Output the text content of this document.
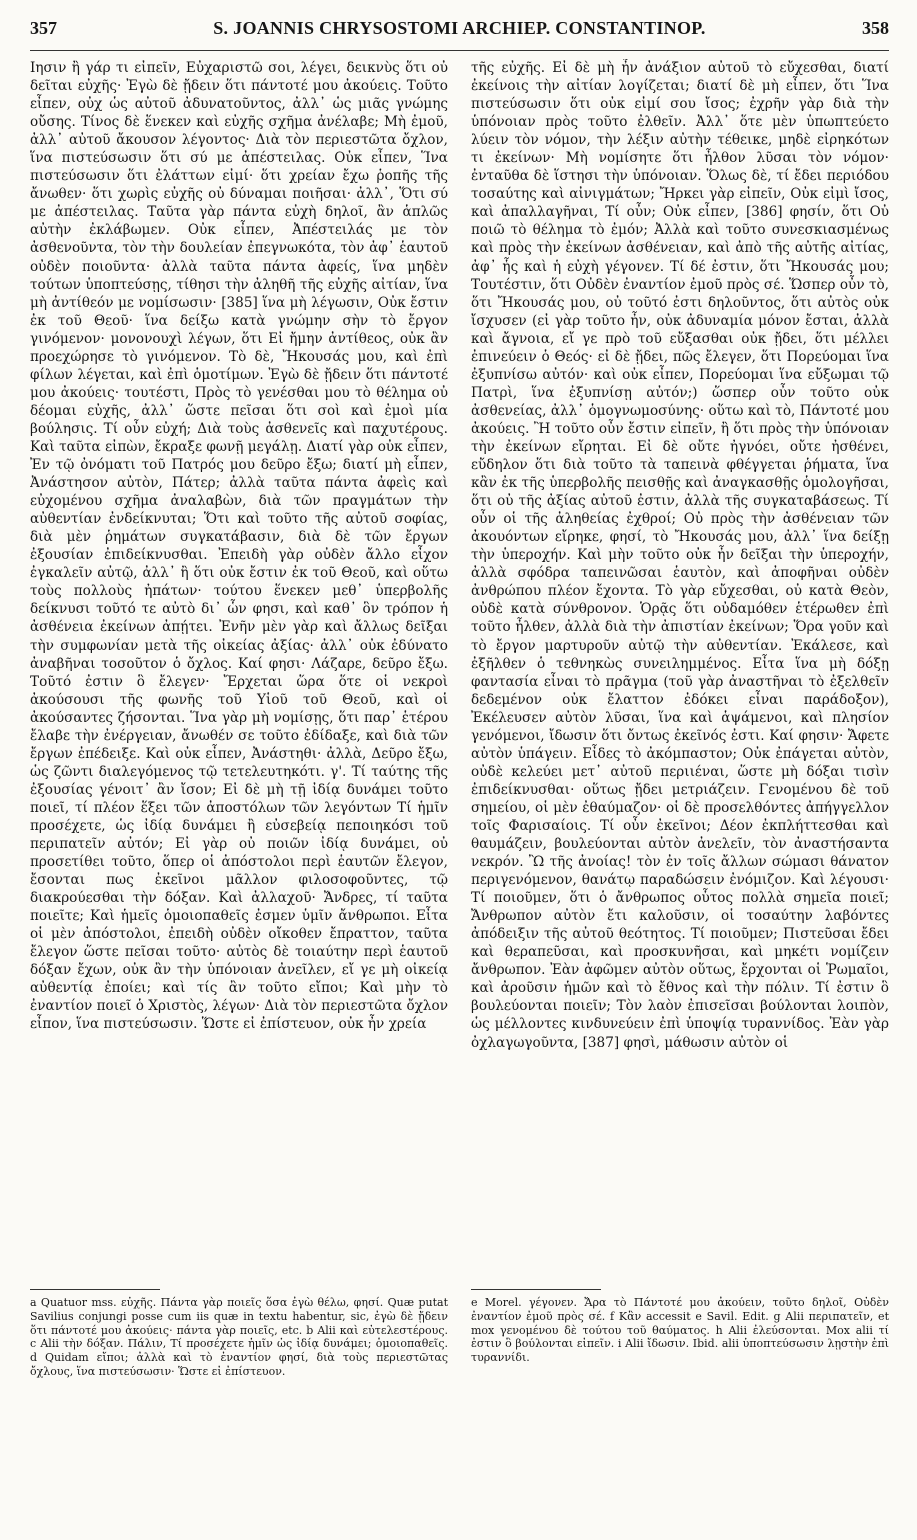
357	S. JOANNIS CHRYSOSTOMI ARCHIEP. CONSTANTINOP.	358

Ιησιν ἢ γάρ τι εἰπεῖν, Εὐχαριστῶ σοι, λέγει, δεικνὺς ὅτι οὐ δεῖται εὐχῆς· Ἐγὼ δὲ ᾔδειν ὅτι πάντοτέ μου ἀκούεις. Τοῦτο εἶπεν, οὐχ ὡς αὐτοῦ ἀδυνατοῦντος, ἀλλ᾽ ὡς μιᾶς γνώμης οὔσης. Τίνος δὲ ἕνεκεν καὶ εὐχῆς σχῆμα ἀνέλαβε; Μὴ ἐμοῦ, ἀλλ᾽ αὐτοῦ ἄκουσον λέγοντος· Διὰ τὸν περιεστῶτα ὄχλον, ἵνα πιστεύσωσιν ὅτι σύ με ἀπέστειλας. Οὐκ εἶπεν, Ἵνα πιστεύσωσιν ὅτι ἐλάττων εἰμί· ὅτι χρείαν ἔχω ῥοπῆς τῆς ἄνωθεν· ὅτι χωρὶς εὐχῆς οὐ δύναμαι ποιῆσαι· ἀλλ᾽, Ὅτι σύ με ἀπέστειλας. Ταῦτα γὰρ πάντα εὐχὴ δηλοῖ, ἂν ἁπλῶς αὐτὴν ἐκλάβωμεν. Οὐκ εἶπεν, Ἀπέστειλάς με τὸν ἀσθενοῦντα, τὸν τὴν δουλείαν ἐπεγνωκότα, τὸν ἀφ᾽ ἑαυτοῦ οὐδὲν ποιοῦντα· ἀλλὰ ταῦτα πάντα ἀφείς, ἵνα μηδὲν τούτων ὑποπτεύσῃς, τίθησι τὴν ἀληθῆ τῆς εὐχῆς αἰτίαν, ἵνα μὴ ἀντίθεόν με νομίσωσιν· [385] ἵνα μὴ λέγωσιν, Οὐκ ἔστιν ἐκ τοῦ Θεοῦ· ἵνα δείξω κατὰ γνώμην σὴν τὸ ἔργον γινόμενον· μονονουχὶ λέγων, ὅτι Εἰ ἤμην ἀντίθεος, οὐκ ἂν προεχώρησε τὸ γινόμενον. Τὸ δὲ, Ἤκουσάς μου, καὶ ἐπὶ φίλων λέγεται, καὶ ἐπὶ ὁμοτίμων. Ἐγὼ δὲ ᾔδειν ὅτι πάντοτέ μου ἀκούεις· τουτέστι, Πρὸς τὸ γενέσθαι μου τὸ θέλημα οὐ δέομαι εὐχῆς, ἀλλ᾽ ὥστε πεῖσαι ὅτι σοὶ καὶ ἐμοὶ μία βούλησις. Τί οὖν εὐχή; Διὰ τοὺς ἀσθενεῖς καὶ παχυτέρους. Καὶ ταῦτα εἰπὼν, ἔκραξε φωνῇ μεγάλῃ. Διατί γὰρ οὐκ εἶπεν, Ἐν τῷ ὀνόματι τοῦ Πατρός μου δεῦρο ἔξω; διατί μὴ εἶπεν, Ἀνάστησον αὐτὸν, Πάτερ; ἀλλὰ ταῦτα πάντα ἀφεὶς καὶ εὐχομένου σχῆμα ἀναλαβὼν, διὰ τῶν πραγμάτων τὴν αὐθεντίαν ἐνδείκνυται; Ὅτι καὶ τοῦτο τῆς αὐτοῦ σοφίας, διὰ μὲν ῥημάτων συγκατάβασιν, διὰ δὲ τῶν ἔργων ἐξουσίαν ἐπιδείκνυσθαι. Ἐπειδὴ γὰρ οὐδὲν ἄλλο εἶχον ἐγκαλεῖν αὐτῷ, ἀλλ᾽ ἢ ὅτι οὐκ ἔστιν ἐκ τοῦ Θεοῦ, καὶ οὕτω τοὺς πολλοὺς ἠπάτων· τούτου ἕνεκεν μεθ᾽ ὑπερβολῆς δείκνυσι τοῦτό τε αὐτὸ δι᾽ ὧν φησι, καὶ καθ᾽ ὃν τρόπον ἡ ἀσθένεια ἐκείνων ἀπῄτει. Ἐνῆν μὲν γὰρ καὶ ἄλλως δεῖξαι τὴν συμφωνίαν μετὰ τῆς οἰκείας ἀξίας· ἀλλ᾽ οὐκ ἐδύνατο ἀναβῆναι τοσοῦτον ὁ ὄχλος. Καί φησι· Λάζαρε, δεῦρο ἔξω. Τοῦτό ἐστιν ὃ ἔλεγεν· Ἔρχεται ὥρα ὅτε οἱ νεκροὶ ἀκούσουσι τῆς φωνῆς τοῦ Υἱοῦ τοῦ Θεοῦ, καὶ οἱ ἀκούσαντες ζήσονται. Ἵνα γὰρ μὴ νομίσῃς, ὅτι παρ᾽ ἑτέρου ἔλαβε τὴν ἐνέργειαν, ἄνωθέν σε τοῦτο ἐδίδαξε, καὶ διὰ τῶν ἔργων ἐπέδειξε. Καὶ οὐκ εἶπεν, Ἀνάστηθι· ἀλλὰ, Δεῦρο ἔξω, ὡς ζῶντι διαλεγόμενος τῷ τετελευτηκότι. γ'. Τί ταύτης τῆς ἐξουσίας γένοιτ᾽ ἂν ἴσον; Εἰ δὲ μὴ τῇ ἰδίᾳ δυνάμει τοῦτο ποιεῖ, τί πλέον ἕξει τῶν ἀποστόλων τῶν λεγόντων Τί ἡμῖν προσέχετε, ὡς ἰδίᾳ δυνάμει ἢ εὐσεβείᾳ πεποιηκόσι τοῦ περιπατεῖν αὐτόν; Εἰ γὰρ οὐ ποιῶν ἰδίᾳ δυνάμει, οὐ προσετίθει τοῦτο, ὅπερ οἱ ἀπόστολοι περὶ ἑαυτῶν ἔλεγον, ἔσονται πως ἐκεῖνοι μᾶλλον φιλοσοφοῦντες, τῷ διακρούεσθαι τὴν δόξαν. Καὶ ἀλλαχοῦ· Ἄνδρες, τί ταῦτα ποιεῖτε; Καὶ ἡμεῖς ὁμοιοπαθεῖς ἐσμεν ὑμῖν ἄνθρωποι. Εἶτα οἱ μὲν ἀπόστολοι, ἐπειδὴ οὐδὲν οἴκοθεν ἔπραττον, ταῦτα ἔλεγον ὥστε πεῖσαι τοῦτο· αὐτὸς δὲ τοιαύτην περὶ ἑαυτοῦ δόξαν ἔχων, οὐκ ἂν τὴν ὑπόνοιαν ἀνεῖλεν, εἴ γε μὴ οἰκείᾳ αὐθεντίᾳ ἐποίει; καὶ τίς ἂν τοῦτο εἴποι; Καὶ μὴν τὸ ἐναντίον ποιεῖ ὁ Χριστὸς, λέγων· Διὰ τὸν περιεστῶτα ὄχλον εἶπον, ἵνα πιστεύσωσιν. Ὥστε εἰ ἐπίστευον, οὐκ ἦν χρεία

a Quatuor mss. εὐχῆς. Πάντα γὰρ ποιεῖς ὅσα ἐγὼ θέλω, φησί. Quæ putat Savilius conjungi posse cum iis quæ in textu habentur, sic, ἐγὼ δὲ ᾔδειν ὅτι πάντοτέ μου ἀκούεις· πάντα γὰρ ποιεῖς, etc. b Alii καὶ εὐτελεστέρους. c Alii τὴν δόξαν. Πάλιν, Τί προσέχετε ἡμῖν ὡς ἰδίᾳ δυνάμει; ὁμοιοπαθεῖς. d Quidam εἴποι; ἀλλὰ καὶ τὸ ἐναντίον φησί, διὰ τοὺς περιεστῶτας ὄχλους, ἵνα πιστεύσωσιν· Ὥστε εἰ ἐπίστευον.

τῆς εὐχῆς. Εἰ δὲ μὴ ἦν ἀνάξιον αὐτοῦ τὸ εὔχεσθαι, διατί ἐκείνοις τὴν αἰτίαν λογίζεται; διατί δὲ μὴ εἶπεν, ὅτι Ἵνα πιστεύσωσιν ὅτι οὐκ εἰμί σου ἴσος; ἐχρῆν γὰρ διὰ τὴν ὑπόνοιαν πρὸς τοῦτο ἐλθεῖν. Ἀλλ᾽ ὅτε μὲν ὑπωπτεύετο λύειν τὸν νόμον, τὴν λέξιν αὐτὴν τέθεικε, μηδὲ εἰρηκότων τι ἐκείνων· Μὴ νομίσητε ὅτι ἦλθον λῦσαι τὸν νόμον· ἐνταῦθα δὲ ἵστησι τὴν ὑπόνοιαν. Ὅλως δὲ, τί ἔδει περιόδου τοσαύτης καὶ αἰνιγμάτων; Ἤρκει γὰρ εἰπεῖν, Οὐκ εἰμὶ ἴσος, καὶ ἀπαλλαγῆναι, Τί οὖν; Οὐκ εἶπεν, [386] φησίν, ὅτι Οὐ ποιῶ τὸ θέλημα τὸ ἐμόν; Ἀλλὰ καὶ τοῦτο συνεσκιασμένως καὶ πρὸς τὴν ἐκείνων ἀσθένειαν, καὶ ἀπὸ τῆς αὐτῆς αἰτίας, ἀφ᾽ ἧς καὶ ἡ εὐχὴ γέγονεν. Τί δέ ἐστιν, ὅτι Ἤκουσάς μου; Τουτέστιν, ὅτι Οὐδὲν ἐναντίον ἐμοῦ πρὸς σέ. Ὥσπερ οὖν τὸ, ὅτι Ἤκουσάς μου, οὐ τοῦτό ἐστι δηλοῦντος, ὅτι αὐτὸς οὐκ ἴσχυσεν (εἰ γὰρ τοῦτο ἦν, οὐκ ἀδυναμία μόνον ἔσται, ἀλλὰ καὶ ἄγνοια, εἴ γε πρὸ τοῦ εὔξασθαι οὐκ ᾔδει, ὅτι μέλλει ἐπινεύειν ὁ Θεός· εἰ δὲ ᾔδει, πῶς ἔλεγεν, ὅτι Πορεύομαι ἵνα ἐξυπνίσω αὐτόν· καὶ οὐκ εἶπεν, Πορεύομαι ἵνα εὔξωμαι τῷ Πατρὶ, ἵνα ἐξυπνίσῃ αὐτόν;) ὥσπερ οὖν τοῦτο οὐκ ἀσθενείας, ἀλλ᾽ ὁμογνωμοσύνης· οὕτω καὶ τὸ, Πάντοτέ μου ἀκούεις. Ἢ τοῦτο οὖν ἔστιν εἰπεῖν, ἢ ὅτι πρὸς τὴν ὑπόνοιαν τὴν ἐκείνων εἴρηται. Εἰ δὲ οὔτε ἠγνόει, οὔτε ἠσθένει, εὔδηλον ὅτι διὰ τοῦτο τὰ ταπεινὰ φθέγγεται ῥήματα, ἵνα κἂν ἐκ τῆς ὑπερβολῆς πεισθῇς καὶ ἀναγκασθῇς ὁμολογῆσαι, ὅτι οὐ τῆς ἀξίας αὐτοῦ ἐστιν, ἀλλὰ τῆς συγκαταβάσεως. Τί οὖν οἱ τῆς ἀληθείας ἐχθροί; Οὐ πρὸς τὴν ἀσθένειαν τῶν ἀκουόντων εἴρηκε, φησί, τὸ Ἤκουσάς μου, ἀλλ᾽ ἵνα δείξῃ τὴν ὑπεροχήν. Καὶ μὴν τοῦτο οὐκ ἦν δεῖξαι τὴν ὑπεροχήν, ἀλλὰ σφόδρα ταπεινῶσαι ἑαυτὸν, καὶ ἀποφῆναι οὐδὲν ἀνθρώπου πλέον ἔχοντα. Τὸ γὰρ εὔχεσθαι, οὐ κατὰ Θεὸν, οὐδὲ κατὰ σύνθρονον. Ὁρᾷς ὅτι οὐδαμόθεν ἑτέρωθεν ἐπὶ τοῦτο ἦλθεν, ἀλλὰ διὰ τὴν ἀπιστίαν ἐκείνων; Ὅρα γοῦν καὶ τὸ ἔργον μαρτυροῦν αὐτῷ τὴν αὐθεντίαν. Ἐκάλεσε, καὶ ἐξῆλθεν ὁ τεθνηκὼς συνειλημμένος. Εἶτα ἵνα μὴ δόξῃ φαντασία εἶναι τὸ πρᾶγμα (τοῦ γὰρ ἀναστῆναι τὸ ἐξελθεῖν δεδεμένον οὐκ ἔλαττον ἐδόκει εἶναι παράδοξον), Ἐκέλευσεν αὐτὸν λῦσαι, ἵνα καὶ ἁψάμενοι, καὶ πλησίον γενόμενοι, ἴδωσιν ὅτι ὄντως ἐκεῖνός ἐστι. Καί φησιν· Ἄφετε αὐτὸν ὑπάγειν. Εἶδες τὸ ἀκόμπαστον; Οὐκ ἐπάγεται αὐτὸν, οὐδὲ κελεύει μετ᾽ αὐτοῦ περιιέναι, ὥστε μὴ δόξαι τισὶν ἐπιδείκνυσθαι· οὕτως ᾔδει μετριάζειν. Γενομένου δὲ τοῦ σημείου, οἱ μὲν ἐθαύμαζον· οἱ δὲ προσελθόντες ἀπήγγελλον τοῖς Φαρισαίοις. Τί οὖν ἐκεῖνοι; Δέον ἐκπλήττεσθαι καὶ θαυμάζειν, βουλεύονται αὐτὸν ἀνελεῖν, τὸν ἀναστήσαντα νεκρόν. Ὢ τῆς ἀνοίας! τὸν ἐν τοῖς ἄλλων σώμασι θάνατον περιγενόμενον, θανάτῳ παραδώσειν ἐνόμιζον. Καὶ λέγουσι· Τί ποιοῦμεν, ὅτι ὁ ἄνθρωπος οὗτος πολλὰ σημεῖα ποιεῖ; Ἄνθρωπον αὐτὸν ἔτι καλοῦσιν, οἱ τοσαύτην λαβόντες ἀπόδειξιν τῆς αὐτοῦ θεότητος. Τί ποιοῦμεν; Πιστεῦσαι ἔδει καὶ θεραπεῦσαι, καὶ προσκυνῆσαι, καὶ μηκέτι νομίζειν ἄνθρωπον. Ἐὰν ἀφῶμεν αὐτὸν οὕτως, ἔρχονται οἱ Ῥωμαῖοι, καὶ ἀροῦσιν ἡμῶν καὶ τὸ ἔθνος καὶ τὴν πόλιν. Τί ἐστιν ὃ βουλεύονται ποιεῖν; Τὸν λαὸν ἐπισεῖσαι βούλονται λοιπὸν, ὡς μέλλοντες κινδυνεύειν ἐπὶ ὑποψίᾳ τυραννίδος. Ἐὰν γὰρ ὀχλαγωγοῦντα, [387] φησὶ, μάθωσιν αὐτὸν οἱ

e Morel. γέγονεν. Ἄρα τὸ Πάντοτέ μου ἀκούειν, τοῦτο δηλοῖ, Οὐδὲν ἐναντίον ἐμοῦ πρὸς σέ. f Κἂν accessit e Savil. Edit. g Alii περιπατεῖν, et mox γενομένου δὲ τούτου τοῦ θαύματος. h Alii ἐλεύσονται. Mox alii τί ἐστιν ὃ βούλονται εἰπεῖν. i Alii ἴδωσιν. Ibid. alii ὑποπτεύσωσιν λῃστὴν ἐπὶ τυραννίδι.
